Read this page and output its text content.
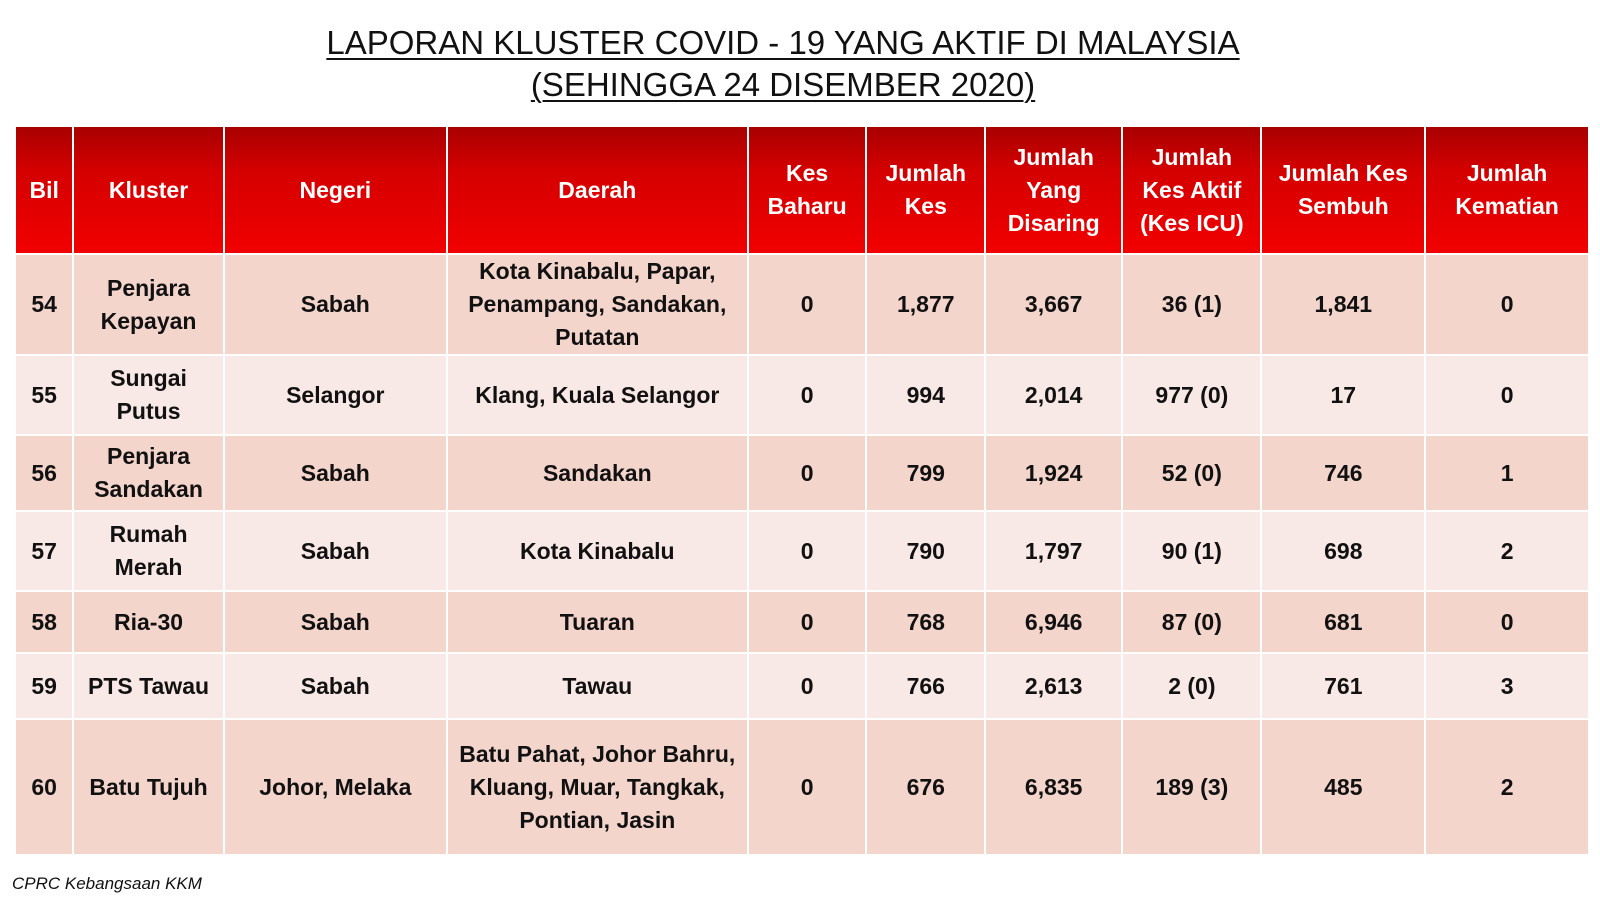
LAPORAN KLUSTER COVID - 19 YANG AKTIF DI MALAYSIA
(SEHINGGA 24 DISEMBER 2020)
Bil	Kluster	Negeri	Daerah	Kes Baharu	Jumlah Kes	Jumlah Yang Disaring	Jumlah Kes Aktif (Kes ICU)	Jumlah Kes Sembuh	Jumlah Kematian
54	Penjara Kepayan	Sabah	Kota Kinabalu, Papar, Penampang, Sandakan, Putatan	0	1,877	3,667	36 (1)	1,841	0
55	Sungai Putus	Selangor	Klang, Kuala Selangor	0	994	2,014	977 (0)	17	0
56	Penjara Sandakan	Sabah	Sandakan	0	799	1,924	52 (0)	746	1
57	Rumah Merah	Sabah	Kota Kinabalu	0	790	1,797	90 (1)	698	2
58	Ria-30	Sabah	Tuaran	0	768	6,946	87 (0)	681	0
59	PTS Tawau	Sabah	Tawau	0	766	2,613	2 (0)	761	3
60	Batu Tujuh	Johor, Melaka	Batu Pahat, Johor Bahru, Kluang, Muar, Tangkak, Pontian, Jasin	0	676	6,835	189 (3)	485	2
CPRC Kebangsaan KKM
